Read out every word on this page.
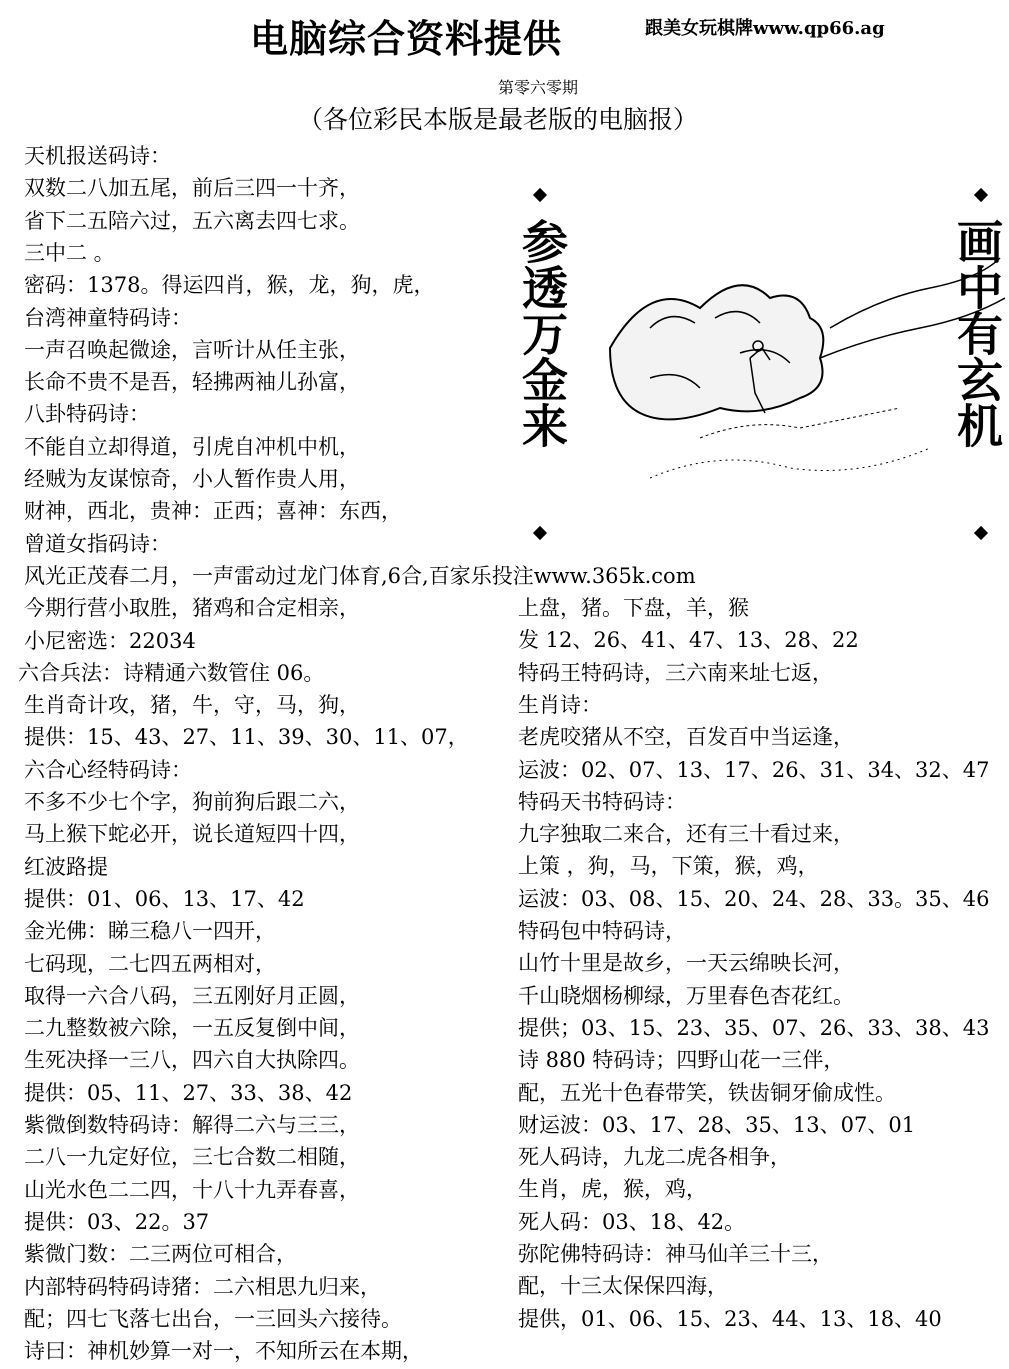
电脑综合资料提供	跟美女玩棋牌www.qp66.ag
第零六零期
（各位彩民本版是最老版的电脑报）
天机报送码诗：
双数二八加五尾，前后三四一十齐，
省下二五陪六过，五六离去四七求。
三中二 。
密码：1378。得运四肖，猴，龙，狗，虎，
台湾神童特码诗：
一声召唤起微途，言听计从任主张，
长命不贵不是吾，轻拂两袖儿孙富，
八卦特码诗：
不能自立却得道，引虎自冲机中机，
经贼为友谋惊奇，小人暂作贵人用，
财神，西北，贵神：正西；喜神：东西，
曾道女指码诗：
风光正茂春二月，一声雷动过龙门体育,6合,百家乐投注www.365k.com
今期行营小取胜，猪鸡和合定相亲，
小尼密选：22034
六合兵法：诗精通六数管住 06。
生肖奇计攻，猪，牛，守，马，狗，
提供：15、43、27、11、39、30、11、07，
六合心经特码诗：
不多不少七个字，狗前狗后跟二六，
马上猴下蛇必开，说长道短四十四，
红波路提
提供：01、06、13、17、42
金光佛：睇三稳八一四开，
七码现，二七四五两相对，
取得一六合八码，三五刚好月正圆，
二九整数被六除，一五反复倒中间，
生死决择一三八，四六自大执除四。
提供：05、11、27、33、38、42
紫微倒数特码诗：解得二六与三三，
二八一九定好位，三七合数二相随，
山光水色二二四，十八十九弄春喜，
提供：03、22。37
紫微门数：二三两位可相合，
内部特码特码诗猪：二六相思九归来，
配；四七飞落七出台，一三回头六接待。
诗曰：神机妙算一对一，不知所云在本期，
上盘，猪。下盘，羊，猴
发 12、26、41、47、13、28、22
特码王特码诗，三六南来址七返，
生肖诗：
老虎咬猪从不空，百发百中当运逢，
运波：02、07、13、17、26、31、34、32、47
特码天书特码诗：
九字独取二来合，还有三十看过来，
上策 ，狗，马，下策，猴，鸡，
运波：03、08、15、20、24、28、33。35、46
特码包中特码诗，
山竹十里是故乡，一天云绵映长河，
千山晓烟杨柳绿，万里春色杏花红。
提供；03、15、23、35、07、26、33、38、43
诗 880 特码诗；四野山花一三伴，
配，五光十色春带笑，铁齿铜牙偷成性。
财运波：03、17、28、35、13、07、01
死人码诗，九龙二虎各相争，
生肖，虎，猴，鸡，
死人码：03、18、42。
弥陀佛特码诗：神马仙羊三十三，
配，十三太保保四海，
提供，01、06、15、23、44、13、18、40
参透万金来	画中有玄机
